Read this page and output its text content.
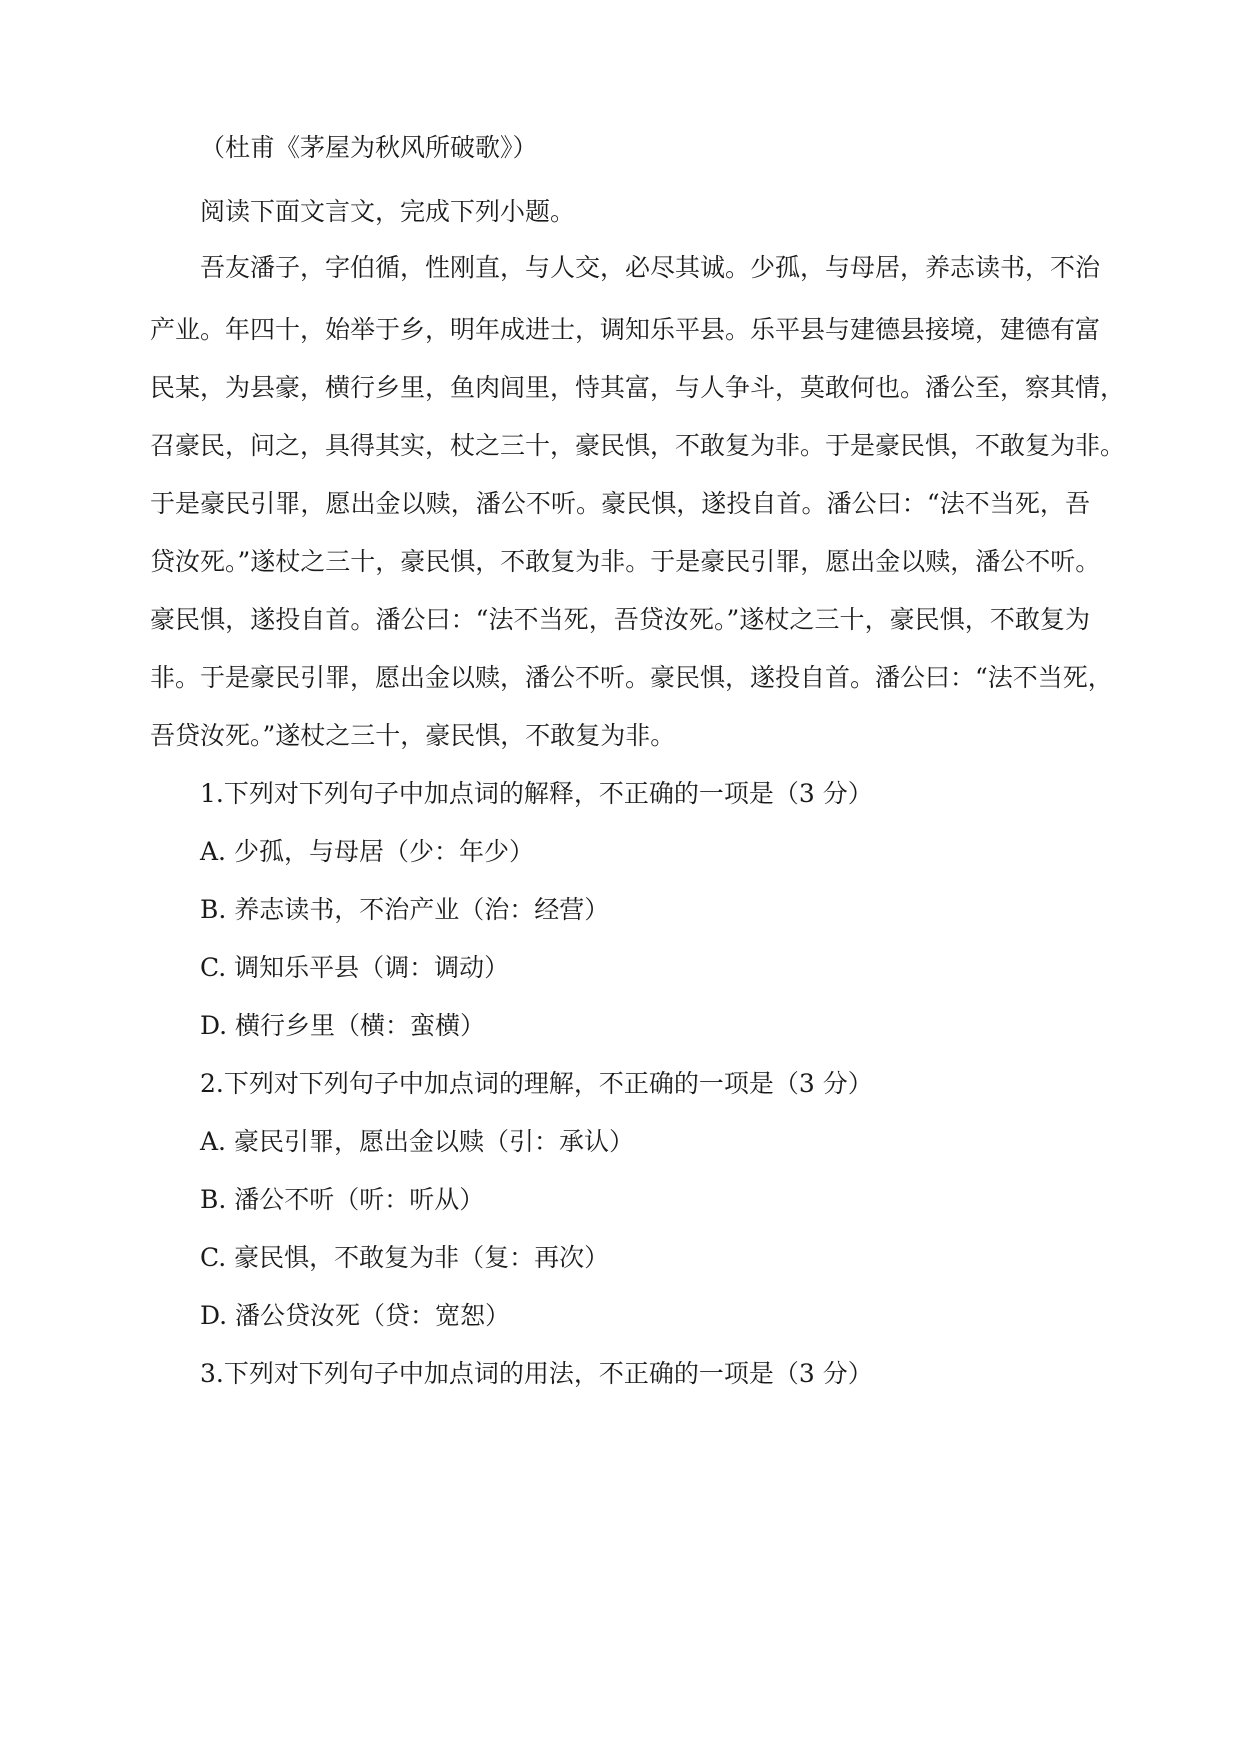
（杜甫《茅屋为秋风所破歌》）
阅读下面文言文，完成下列小题。
吾友潘子，字伯循，性刚直，与人交，必尽其诚。少孤，与母居，养志读书，不治
产业。年四十，始举于乡，明年成进士，调知乐平县。乐平县与建德县接境，建德有富
民某，为县豪，横行乡里，鱼肉闾里，恃其富，与人争斗，莫敢何也。潘公至，察其情，
召豪民，问之，具得其实，杖之三十，豪民惧，不敢复为非。于是豪民惧，不敢复为非。
于是豪民引罪，愿出金以赎，潘公不听。豪民惧，遂投自首。潘公曰：“法不当死，吾
贷汝死。”遂杖之三十，豪民惧，不敢复为非。于是豪民引罪，愿出金以赎，潘公不听。
豪民惧，遂投自首。潘公曰：“法不当死，吾贷汝死。”遂杖之三十，豪民惧，不敢复为
非。于是豪民引罪，愿出金以赎，潘公不听。豪民惧，遂投自首。潘公曰：“法不当死，
吾贷汝死。”遂杖之三十，豪民惧，不敢复为非。
1.下列对下列句子中加点词的解释，不正确的一项是（3 分）
A. 少孤，与母居（少：年少）
B. 养志读书，不治产业（治：经营）
C. 调知乐平县（调：调动）
D. 横行乡里（横：蛮横）
2.下列对下列句子中加点词的理解，不正确的一项是（3 分）
A. 豪民引罪，愿出金以赎（引：承认）
B. 潘公不听（听：听从）
C. 豪民惧，不敢复为非（复：再次）
D. 潘公贷汝死（贷：宽恕）
3.下列对下列句子中加点词的用法，不正确的一项是（3 分）
